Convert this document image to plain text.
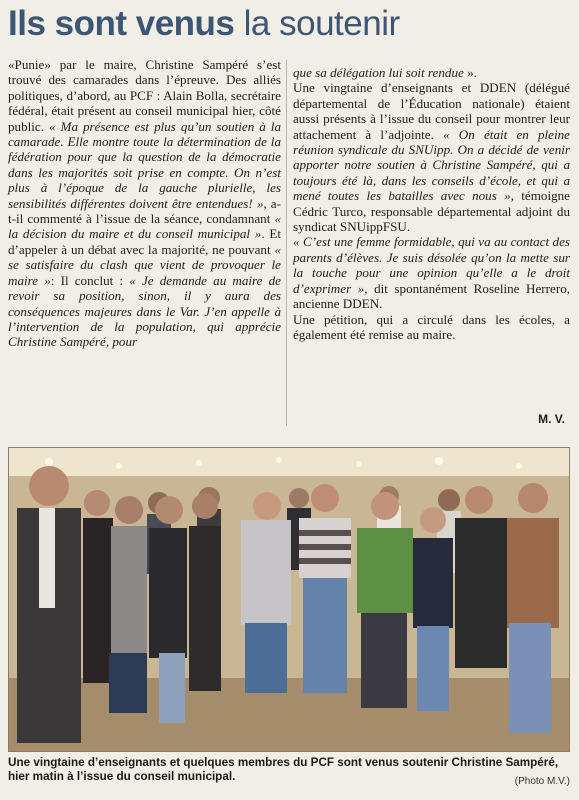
Ils sont venus la soutenir

«Punie» par le maire, Christine Sampéré s’est trouvé des camarades dans l’épreuve. Des alliés politiques, d’abord, au PCF : Alain Bolla, secrétaire fédéral, était présent au conseil municipal hier, côté public. « Ma présence est plus qu’un soutien à la camarade. Elle montre toute la détermination de la fédération pour que la question de la démocratie dans les majorités soit prise en compte. On n’est plus à l’époque de la gauche plurielle, les sensibilités différentes doivent être entendues! », a-t-il commenté à l’issue de la séance, condamnant « la décision du maire et du conseil municipal ». Et d’appeler à un débat avec la majorité, ne pouvant « se satisfaire du clash que vient de provoquer le maire »: Il conclut : « Je demande au maire de revoir sa position, sinon, il y aura des conséquences majeures dans le Var. J’en appelle à l’intervention de la population, qui apprécie Christine Sampéré, pour

que sa délégation lui soit rendue ».

Une vingtaine d’enseignants et DDEN (délégué départemental de l’Éducation nationale) étaient aussi présents à l’issue du conseil pour montrer leur attachement à l’adjointe. « On était en pleine réunion syndicale du SNUipp. On a décidé de venir apporter notre soutien à Christine Sampéré, qui a toujours été là, dans les conseils d’école, et qui a mené toutes les batailles avec nous », témoigne Cédric Turco, responsable départemental adjoint du syndicat SNUippFSU.

« C’est une femme formidable, qui va au contact des parents d’élèves. Je suis désolée qu’on la mette sur la touche pour une opinion qu’elle a le droit d’exprimer », dit spontanément Roseline Herrero, ancienne DDEN.

Une pétition, qui a circulé dans les écoles, a également été remise au maire.

M. V.
Une vingtaine d’enseignants et quelques membres du PCF sont venus soutenir Christine Sampéré, hier matin à l’issue du conseil municipal.	(Photo M.V.)
